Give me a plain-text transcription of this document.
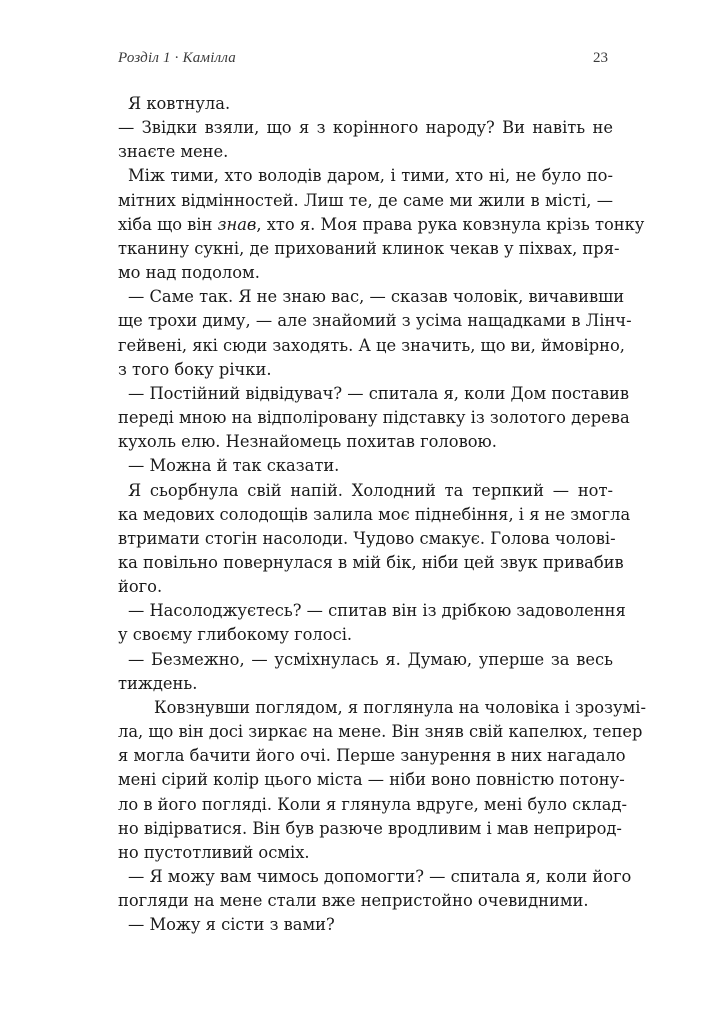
Розділ 1 · Камілла	23
Я ковтнула.
— Звідки взяли, що я з корінного народу? Ви навіть не
знаєте мене.
Між тими, хто володів даром, і тими, хто ні, не було по-
мітних відмінностей. Лиш те, де саме ми жили в місті, —
хіба що він знав, хто я. Моя права рука ковзнула крізь тонку
тканину сукні, де прихований клинок чекав у піхвах, пря-
мо над подолом.
— Саме так. Я не знаю вас, — сказав чоловік, вичавивши
ще трохи диму, — але знайомий з усіма нащадками в Лінч-
гейвені, які сюди заходять. А це значить, що ви, ймовірно,
з того боку річки.
— Постійний відвідувач? — спитала я, коли Дом поставив
переді мною на відполіровану підставку із золотого дерева
кухоль елю. Незнайомець похитав головою.
— Можна й так сказати.
Я сьорбнула свій напій. Холодний та терпкий — нот-
ка медових солодощів залила моє піднебіння, і я не змогла
втримати стогін насолоди. Чудово смакує. Голова чолові-
ка повільно повернулася в мій бік, ніби цей звук привабив
його.
— Насолоджуєтесь? — спитав він із дрібкою задоволення
у своєму глибокому голосі.
— Безмежно, — усміхнулась я. Думаю, уперше за весь
тиждень.
Ковзнувши поглядом, я поглянула на чоловіка і зрозумі-
ла, що він досі зиркає на мене. Він зняв свій капелюх, тепер
я могла бачити його очі. Перше занурення в них нагадало
мені сірий колір цього міста — ніби воно повністю потону-
ло в його погляді. Коли я глянула вдруге, мені було склад-
но відірватися. Він був разюче вродливим і мав неприрод-
но пустотливий осміх.
— Я можу вам чимось допомогти? — спитала я, коли його
погляди на мене стали вже непристойно очевидними.
— Можу я сісти з вами?
